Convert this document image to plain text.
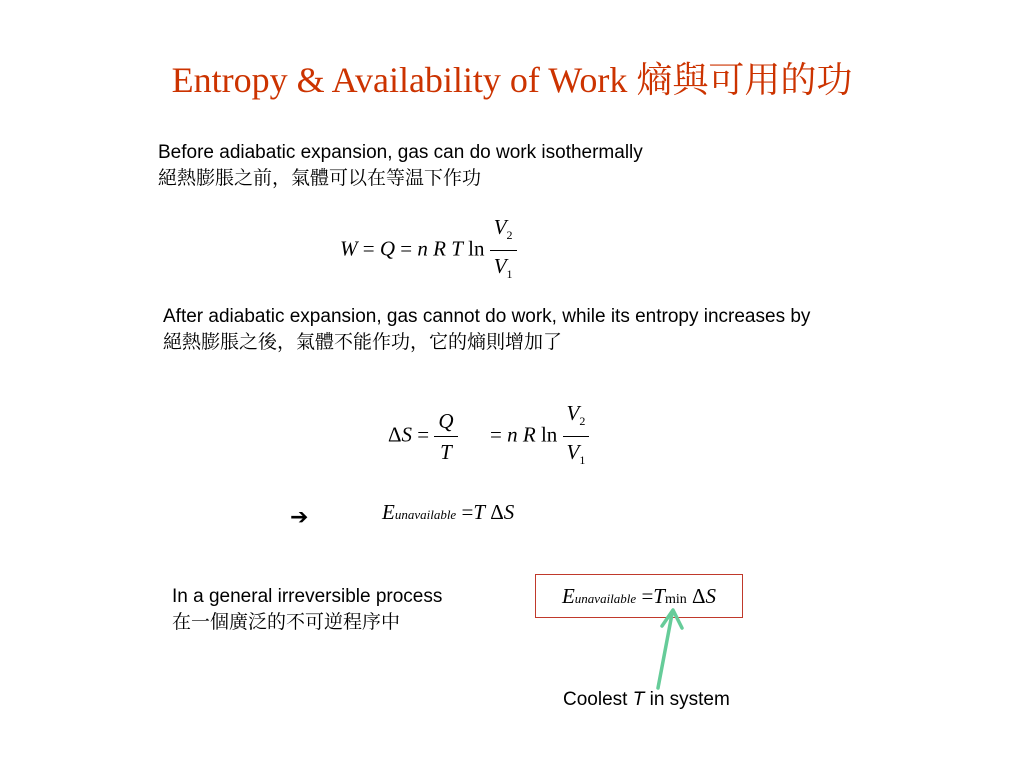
Entropy & Availability of Work 熵與可用的功
Before adiabatic expansion, gas can do work isothermally
絕熱膨脹之前，氣體可以在等温下作功
W = Q = n R T $\ln \frac{V_2}{V_1}$
After adiabatic expansion, gas cannot do work, while its entropy increases by
絕熱膨脹之後，氣體不能作功，它的熵則增加了
$\Delta S = \frac{Q}{T} = n$ R $\ln \frac{V_2}{V_1}$
➔	Eunavailable =T ΔS
In a general irreversible process
在一個廣泛的不可逆程序中
Eunavailable =Tmin ΔS
Coolest T in system
